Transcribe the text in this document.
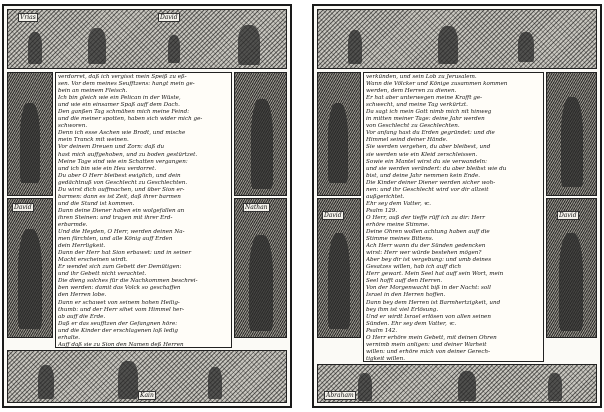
Vrias	David
David	Nathan
verdorret, daß ich vergisst mein Speiß zu eß-
sen. Vor dem meines Seufftzens: hangt mein ge-
bein an meinem Fleisch.
Ich bin gleich wie ein Pelican in der Wüste,
und wie ein einsamer Spaß auff dem Dach.
Den ganßen Tag schmähen mich meine Feind:
und die meiner spotten, haben sich wider mich ge-
schworen.
Denn ich esse Aschen wie Brodt, und mische
mein Tranck mit weinen.
Vor deinem Dreuen und Zorn: daß du
hast mich auffgehoben, und zu boden gestürtzet.
Meine Tage sind wie ein Schatten vergangen:
und ich bin wie ein Heu verdorret.
Du aber O Herr bleibest ewiglich, und dein
gedächtnuß von Geschlecht zu Geschlechten.
Du wirst dich auffmachen, und über Sion er-
barmen: dann es ist Zeit, daß ihrer barmen
und die Stund ist kommen.
Dann deine Diener haben ein wolgefallen an
ihren Steinen: und tragen mit ihrer Erd-
erbarmde.
Und die Heyden, O Herr, werden deinen Na-
men fürchten, und alle König auff Erden
dein Herrligkeit.
Dann der Herr hat Sion erbawet: und in seiner
Macht erscheinen wirdt.
Er wendet sich zum Gebett der Demütigen:
und ihr Gebett nicht verachtet.
Die dieng solches für die Nachkommen beschrei-
ben werden: damit das Volck so geschaffen
den Herren lobe.
Dann er schawet von seinem hohen Heilig-
thumb: und der Herr sihet vom Himmel her-
ab auff die Erde.
Daß er das seufftzen der Gefangnen höre:
und die Kinder der erschlagenen loß ledig
erhalte.
Auff daß sie zu Sion den Namen deß Herren
Kain
David	David
verkünden, und sein Lob zu Jerusalem.
Wann die Völcker und Könige zusammen kommen
werden, dem Herren zu dienen.
Er hat aber unterwegen meine Krafft ge-
schwecht, und meine Tag verkürtzt.
Da sagt ich mein Gott nimb mich nit hinweg
in mitten meiner Tage: deine Jahr werden
von Geschlecht zu Geschlechten.
Vor anfang hast du Erden gegründet: und die
Himmel seind deiner Hände.
Sie werden vergehen, du aber bleibest, und
sie werden wie ein Kleid zerschleissen.
Sowie ein Mantel wirst du sie verwandeln:
und sie werden verändert: du aber bleibst wie du
bist, und deine Jahr nemmen kein Ende.
Die Kinder deiner Diener werden sicher woh-
nen: und ihr Geschlecht wird vor dir allzeit
außgerichtet.
Ehr sey dem Vatter, ꝛc.
Psalm 129.
O Herr, auß der tieffe rüff ich zu dir: Herr
erhöre meine Stimme.
Deine Ohren wollen achtung haben auff die
Stimme meines Bittens.
Ach Herr wann du der Sünden gedencken
wirst: Herr wer würde bestehen mögen?
Aber bey dir ist vergebung: und umb deines
Gesatzes willen, hab ich auff dich
Herr gewart. Mein Seel hat auff sein Wort, mein
Seel hofft auff den Herren.
Von der Morgenwacht biß in der Nacht: soll
Israel in den Herren hoffen.
Dann bey dem Herren ist Barmhertzigkeit, und
bey ihm ist viel Erlösung.
Und er wirdt Israel erlösen von allen seinen
Sünden. Ehr sey dem Vatter, ꝛc.
Psalm 142.
O Herr erhöre mein Gebett, mit deinen Ohren
vernimb mein anligen: und deiner Warheit
willen: und erhöre mich von deiner Gerech-
tigkeit willen.
Abraham
